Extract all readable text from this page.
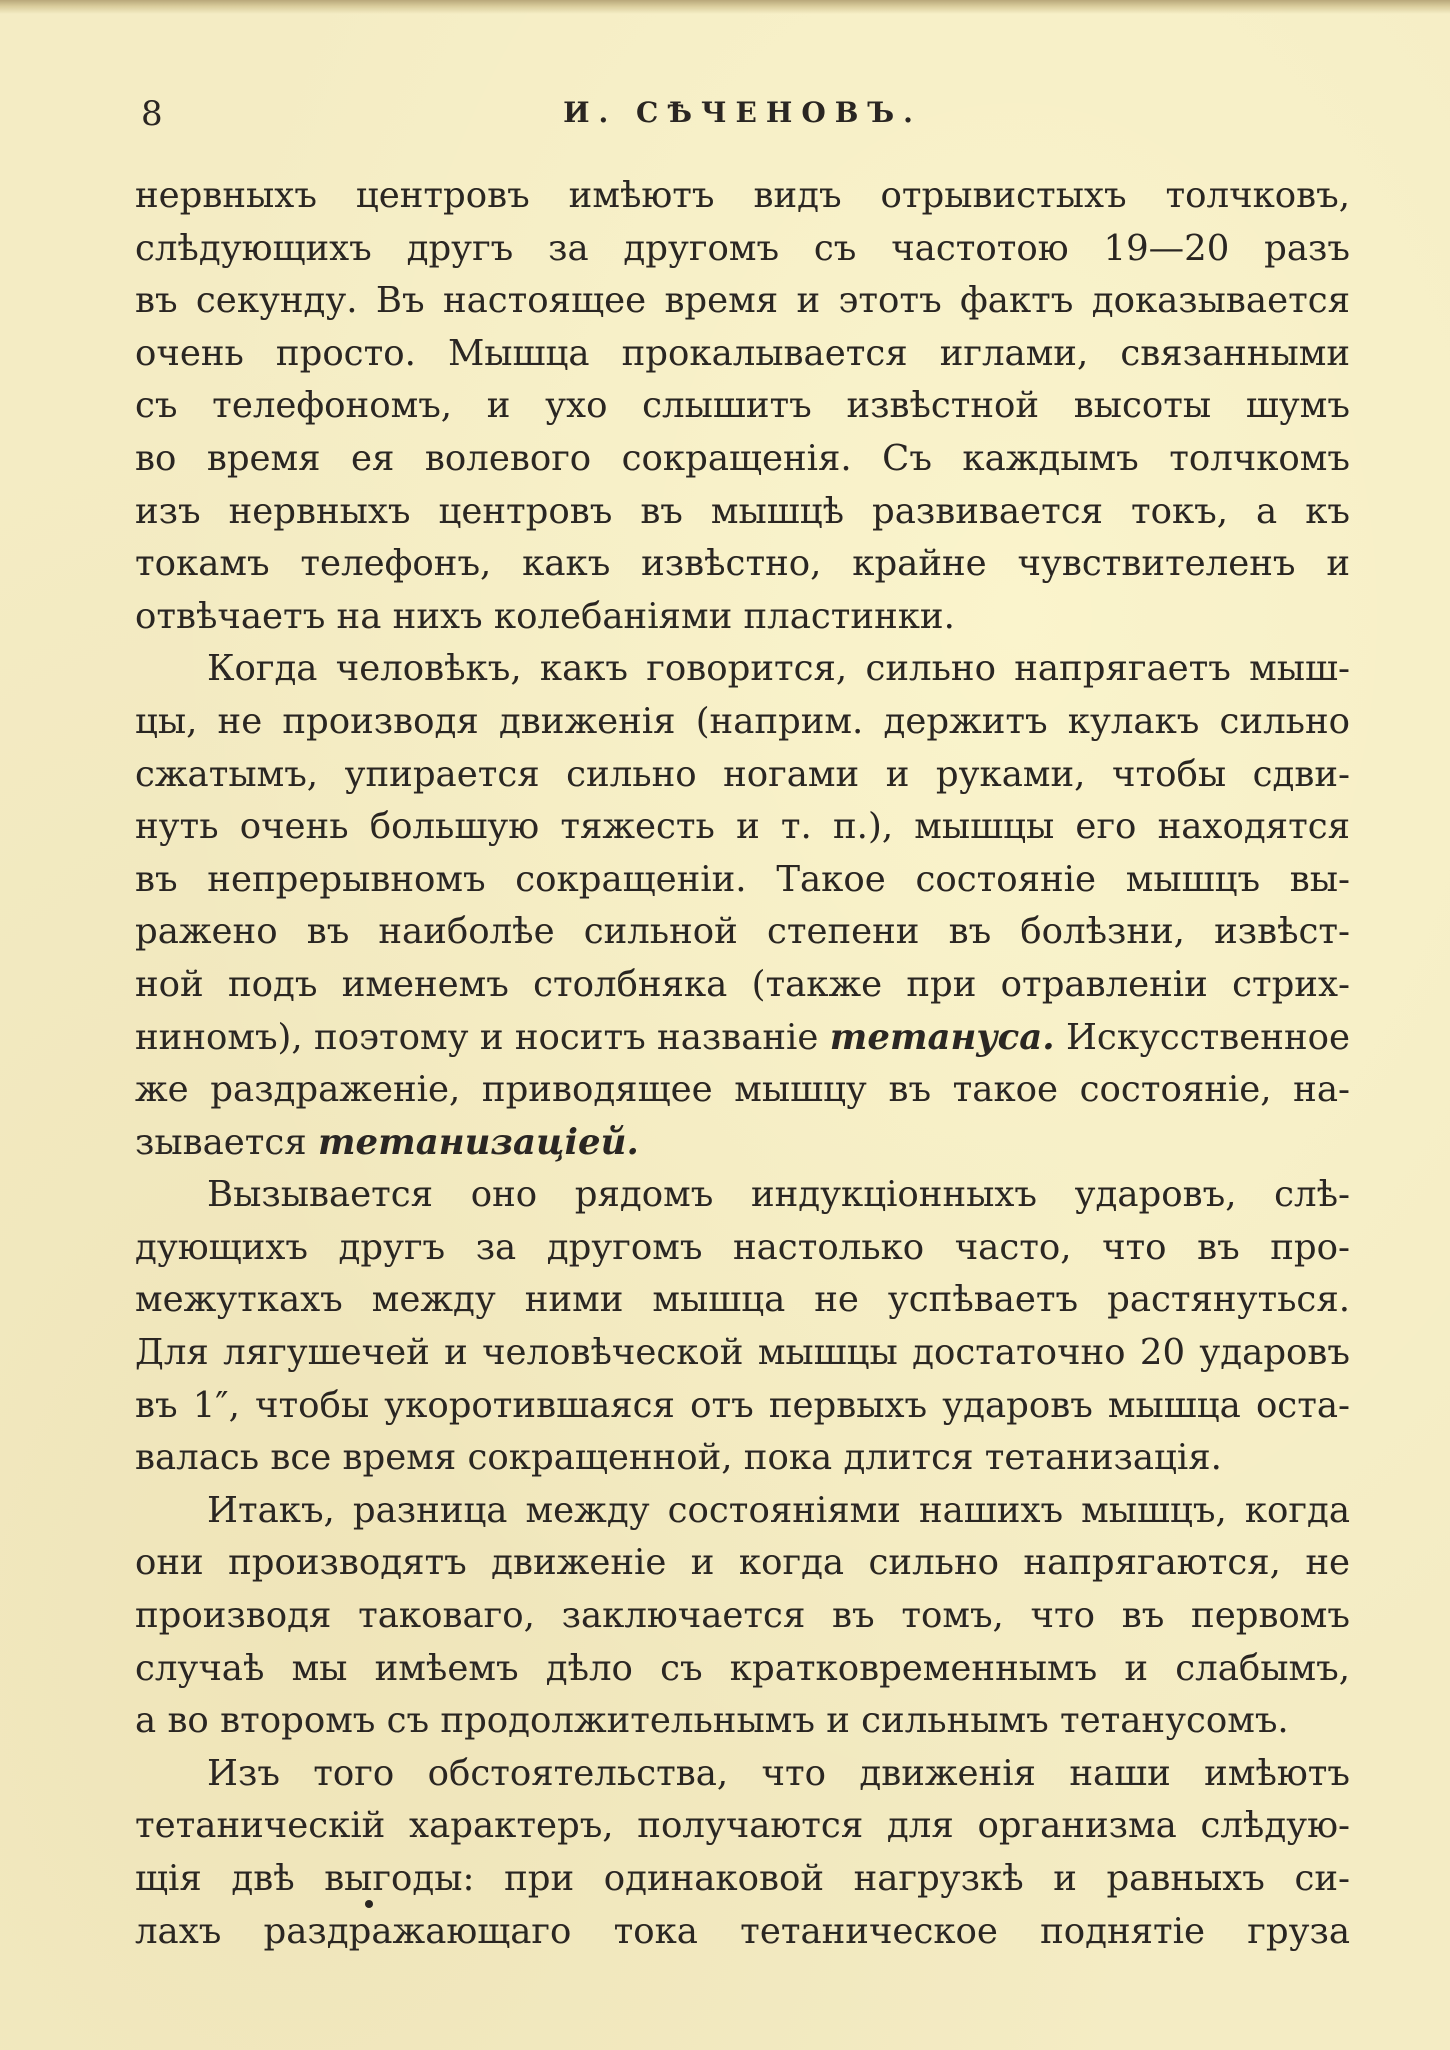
8	И. СѢЧЕНОВЪ.

нервныхъ центровъ имѣютъ видъ отрывистыхъ толчковъ,
слѣдующихъ другъ за другомъ съ частотою 19—20 разъ
въ секунду. Въ настоящее время и этотъ фактъ доказывается
очень просто. Мышца прокалывается иглами, связанными
съ телефономъ, и ухо слышитъ извѣстной высоты шумъ
во время ея волевого сокращенія. Съ каждымъ толчкомъ
изъ нервныхъ центровъ въ мышцѣ развивается токъ, а къ
токамъ телефонъ, какъ извѣстно, крайне чувствителенъ и
отвѣчаетъ на нихъ колебаніями пластинки.

Когда человѣкъ, какъ говорится, сильно напрягаетъ мыш-
цы, не производя движенія (наприм. держитъ кулакъ сильно
сжатымъ, упирается сильно ногами и руками, чтобы сдви-
нуть очень большую тяжесть и т. п.), мышцы его находятся
въ непрерывномъ сокращеніи. Такое состояніе мышцъ вы-
ражено въ наиболѣе сильной степени въ болѣзни, извѣст-
ной подъ именемъ столбняка (также при отравленіи стрих-
ниномъ), поэтому и носитъ названіе тетануса. Искусственное
же раздраженіе, приводящее мышцу въ такое состояніе, на-
зывается тетанизаціей.

Вызывается оно рядомъ индукціонныхъ ударовъ, слѣ-
дующихъ другъ за другомъ настолько часто, что въ про-
межуткахъ между ними мышца не успѣваетъ растянуться.
Для лягушечей и человѣческой мышцы достаточно 20 ударовъ
въ 1″, чтобы укоротившаяся отъ первыхъ ударовъ мышца оста-
валась все время сокращенной, пока длится тетанизація.

Итакъ, разница между состояніями нашихъ мышцъ, когда
они производятъ движеніе и когда сильно напрягаются, не
производя таковаго, заключается въ томъ, что въ первомъ
случаѣ мы имѣемъ дѣло съ кратковременнымъ и слабымъ,
а во второмъ съ продолжительнымъ и сильнымъ тетанусомъ.

Изъ того обстоятельства, что движенія наши имѣютъ
тетаническій характеръ, получаются для организма слѣдую-
щія двѣ выгоды: при одинаковой нагрузкѣ и равныхъ си-
лахъ раздражающаго тока тетаническое поднятіе груза
